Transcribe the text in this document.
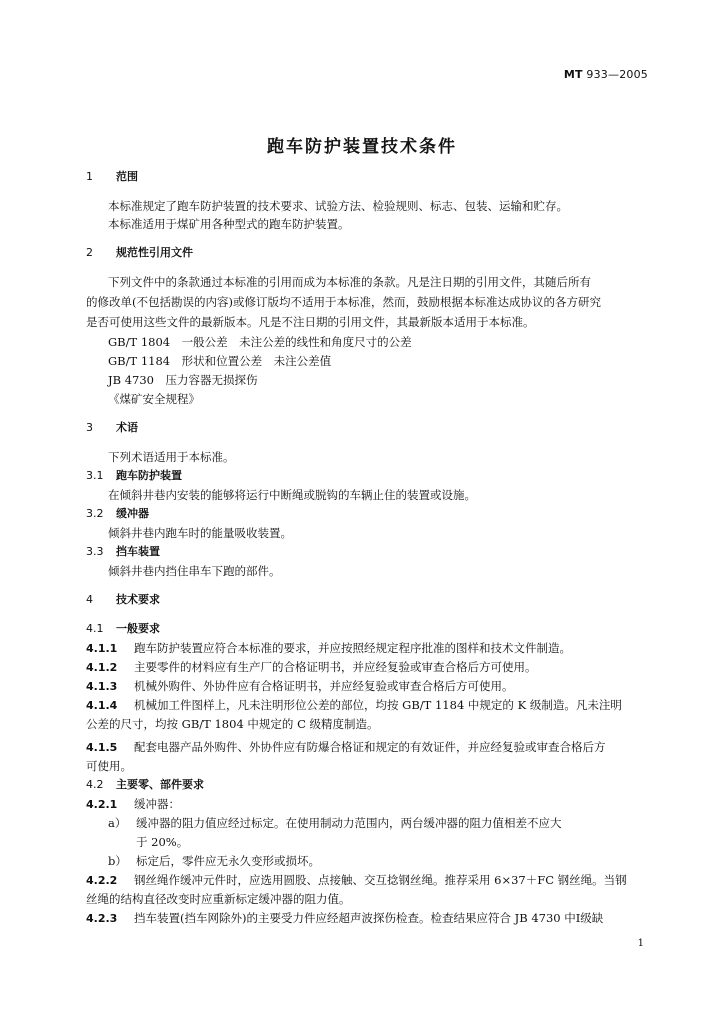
MT 933—2005
跑车防护装置技术条件
1 范围
本标准规定了跑车防护装置的技术要求、试验方法、检验规则、标志、包装、运输和贮存。
本标准适用于煤矿用各种型式的跑车防护装置。
2 规范性引用文件
下列文件中的条款通过本标准的引用而成为本标准的条款。凡是注日期的引用文件，其随后所有
的修改单(不包括勘误的内容)或修订版均不适用于本标准，然而，鼓励根据本标准达成协议的各方研究
是否可使用这些文件的最新版本。凡是不注日期的引用文件，其最新版本适用于本标准。
GB/T 1804　一般公差　未注公差的线性和角度尺寸的公差
GB/T 1184　形状和位置公差　未注公差值
JB 4730　压力容器无损探伤
《煤矿安全规程》
3 术语
下列术语适用于本标准。
3.1 跑车防护装置
在倾斜井巷内安装的能够将运行中断绳或脱钩的车辆止住的装置或设施。
3.2 缓冲器
倾斜井巷内跑车时的能量吸收装置。
3.3 挡车装置
倾斜井巷内挡住串车下跑的部件。
4 技术要求
4.1 一般要求
4.1.1 跑车防护装置应符合本标准的要求，并应按照经规定程序批准的图样和技术文件制造。
4.1.2 主要零件的材料应有生产厂的合格证明书，并应经复验或审查合格后方可使用。
4.1.3 机械外购件、外协件应有合格证明书，并应经复验或审查合格后方可使用。
4.1.4 机械加工件图样上，凡未注明形位公差的部位，均按 GB/T 1184 中规定的 K 级制造。凡未注明
公差的尺寸，均按 GB/T 1804 中规定的 C 级精度制造。
4.1.5 配套电器产品外购件、外协件应有防爆合格证和规定的有效证件，并应经复验或审查合格后方
可使用。
4.2 主要零、部件要求
4.2.1 缓冲器：
a） 缓冲器的阻力值应经过标定。在使用制动力范围内，两台缓冲器的阻力值相差不应大
于 20%。
b） 标定后，零件应无永久变形或损坏。
4.2.2 钢丝绳作缓冲元件时，应选用圆股、点接触、交互捻钢丝绳。推荐采用 6×37＋FC 钢丝绳。当钢
丝绳的结构直径改变时应重新标定缓冲器的阻力值。
4.2.3 挡车装置(挡车网除外)的主要受力件应经超声波探伤检查。检查结果应符合 JB 4730 中Ⅰ级缺
1
